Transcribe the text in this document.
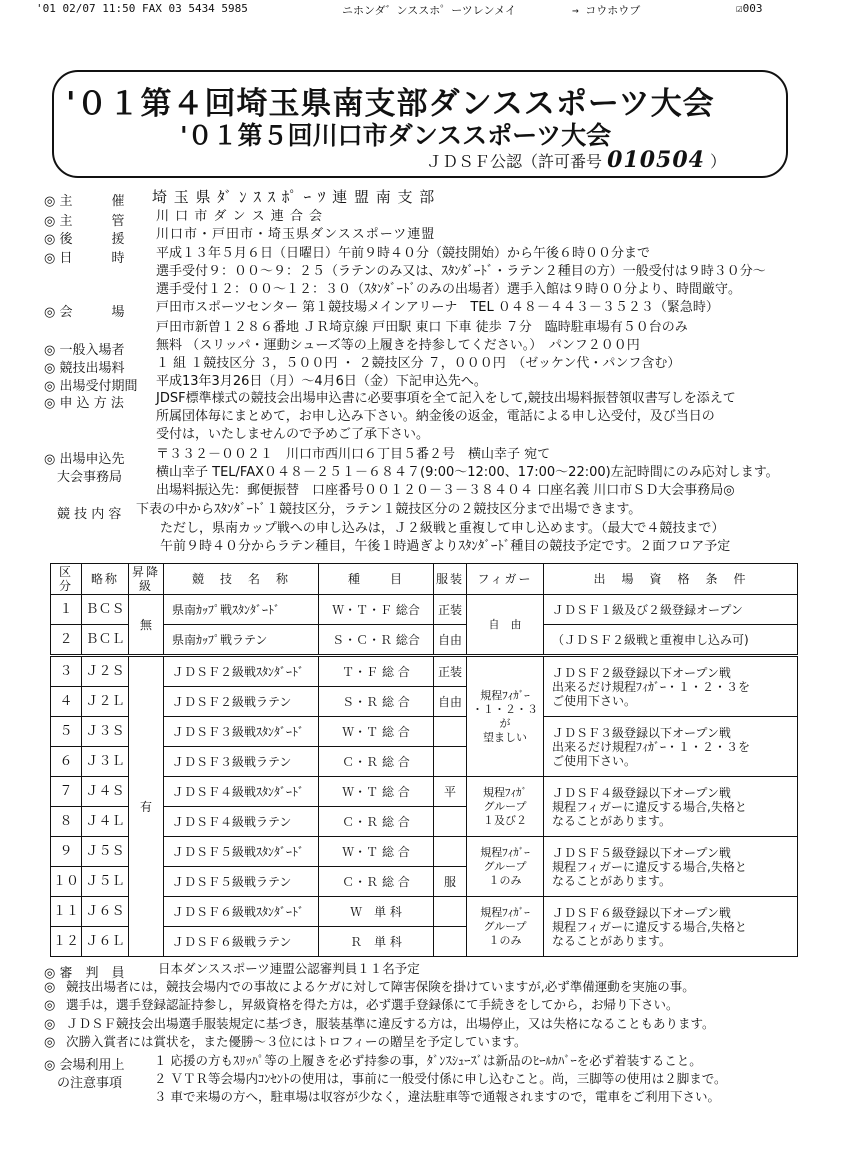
'01 02/07 11:50 FAX 03 5434 5985	ニホンダ゛ンススホ゜ーツレンメイ	→ コウホウブ	☑003
'０１第４回埼玉県南支部ダンススポーツ大会
'０１第５回川口市ダンススポーツ大会
ＪＤＳＦ公認（許可番号 010504 ）
◎ 主　　　催 埼 玉 県 ﾀﾞ ﾝ ｽ ｽ ﾎﾟ ｰ ﾂ 連 盟 南 支 部
◎ 主　　　管 川 口 市 ダ ン ス 連 合 会
◎ 後　　　援 川口市・戸田市・埼玉県ダンススポーツ連盟
◎ 日　　　時 平成１３年５月６日（日曜日）午前９時４０分（競技開始）から午後６時００分まで
選手受付９：００～９：２５（ラテンのみ又は、ｽﾀﾝﾀﾞｰﾄﾞ・ラテン２種目の方）一般受付は９時３０分～
選手受付１２：００～１２：３０（ｽﾀﾝﾀﾞｰﾄﾞのみの出場者）選手入館は９時００分より、時間厳守。
◎ 会　　　場 戸田市スポーツセンター 第１競技場メインアリーナ　TEL ０４８－４４３－３５２３（緊急時）
戸田市新曽１２８６番地 ＪＲ埼京線 戸田駅 東口 下車 徒歩 ７分　臨時駐車場有５０台のみ
◎ 一般入場者 無料 （スリッパ・運動シューズ等の上履きを持参してください。）　パンフ２００円
◎ 競技出場料 １ 組 １競技区分 ３，５００円 ・ ２競技区分 ７，０００円　（ゼッケン代・パンフ含む）
◎ 出場受付期間 平成13年3月26日（月）～4月6日（金）下記申込先へ。
◎ 申 込 方 法 JDSF標準様式の競技会出場申込書に必要事項を全て記入をして,競技出場料振替領収書写しを添えて
所属団体毎にまとめて，お申し込み下さい。納金後の返金，電話による申し込受付，及び当日の
受付は，いたしませんので予めご了承下さい。
◎ 出場申込先 〒３３２－００２１　川口市西川口６丁目５番２号　横山幸子 宛て
　大会事務局	横山幸子 TEL/FAX０４８－２５１－６８４７(9:00～12:00、17:00～22:00)左記時間にのみ応対します。
出場料振込先：郵便振替　口座番号００１２０－３－３８４０４ 口座名義 川口市ＳＤ大会事務局◎
　競 技 内 容 下表の中からｽﾀﾝﾀﾞｰﾄﾞ１競技区分，ラテン１競技区分の２競技区分まで出場できます。
ただし，県南カップ戦への申し込みは，Ｊ２級戦と重複して申し込めます。（最大で４競技まで）
午前９時４０分からラテン種目，午後１時過ぎよりｽﾀﾝﾀﾞｰﾄﾞ種目の競技予定です。２面フロア予定
区分	略称	昇降級	競　技　名　称	種　　目	服装	フィガー	出　場　資　格　条　件
１	ＢＣＳ	無	県南ｶｯﾌﾟ戦ｽﾀﾝﾀﾞｰﾄﾞ	Ｗ・Ｔ・Ｆ 総合	正装	自　由	ＪＤＳＦ１級及び２級登録オープン
２	ＢＣＬ		県南ｶｯﾌﾟ戦ラテン	Ｓ・Ｃ・Ｒ 総合	自由		（ＪＤＳＦ２級戦と重複申し込み可)
３	Ｊ２Ｓ	有	ＪＤＳＦ２級戦ｽﾀﾝﾀﾞｰﾄﾞ	Ｔ・Ｆ 総 合	正装	規程ﾌｨｶﾞｰ
・１・２・３が
望ましい	ＪＤＳＦ２級登録以下オープン戦
出来るだけ規程ﾌｨｶﾞｰ・１・２・３を
ご使用下さい。
４	Ｊ２Ｌ		ＪＤＳＦ２級戦ラテン	Ｓ・Ｒ 総 合	自由		
５	Ｊ３Ｓ		ＪＤＳＦ３級戦ｽﾀﾝﾀﾞｰﾄﾞ	Ｗ・Ｔ 総 合			ＪＤＳＦ３級登録以下オープン戦
出来るだけ規程ﾌｨｶﾞｰ・１・２・３を
ご使用下さい。
６	Ｊ３Ｌ		ＪＤＳＦ３級戦ラテン	Ｃ・Ｒ 総 合			
７	Ｊ４Ｓ		ＪＤＳＦ４級戦ｽﾀﾝﾀﾞｰﾄﾞ	Ｗ・Ｔ 総 合	平	規程ﾌｨｶﾞ
グループ
１及び２	ＪＤＳＦ４級登録以下オープン戦
規程フィガーに違反する場合,失格と
なることがあります。
８	Ｊ４Ｌ		ＪＤＳＦ４級戦ラテン	Ｃ・Ｒ 総 合			
９	Ｊ５Ｓ		ＪＤＳＦ５級戦ｽﾀﾝﾀﾞｰﾄﾞ	Ｗ・Ｔ 総 合		規程ﾌｨｶﾞｰ
グループ
１のみ	ＪＤＳＦ５級登録以下オープン戦
規程フィガーに違反する場合,失格と
なることがあります。
１０	Ｊ５Ｌ		ＪＤＳＦ５級戦ラテン	Ｃ・Ｒ 総 合	服		
１１	Ｊ６Ｓ		ＪＤＳＦ６級戦ｽﾀﾝﾀﾞｰﾄﾞ	Ｗ　単 科		規程ﾌｨｶﾞｰ
グループ
１のみ	ＪＤＳＦ６級登録以下オープン戦
規程フィガーに違反する場合,失格と
なることがあります。
１２	Ｊ６Ｌ		ＪＤＳＦ６級戦ラテン	Ｒ　単 科			
◎ 審　判　員	日本ダンススポーツ連盟公認審判員１１名予定
◎ 競技出場者には，競技会場内での事故によるケガに対して障害保険を掛けていますが,必ず準備運動を実施の事。
◎ 選手は，選手登録認証持参し，昇級資格を得た方は，必ず選手登録係にて手続きをしてから，お帰り下さい。
◎ ＪＤＳＦ競技会出場選手服装規定に基づき，服装基準に違反する方は，出場停止，又は失格になることもあります。
◎ 次勝入賞者には賞状を，また優勝～３位にはトロフィーの贈呈を予定しています。
◎ 会場利用上 １ 応援の方もｽﾘｯﾊﾟ等の上履きを必ず持参の事，ﾀﾞﾝｽｼｭｰｽﾞは新品のﾋｰﾙｶﾊﾞｰを必ず着装すること。
　の注意事項	２ ＶＴＲ等会場内ｺﾝｾﾝﾄの使用は，事前に一般受付係に申し込むこと。尚，三脚等の使用は２脚まで。
３ 車で来場の方へ，駐車場は収容が少なく，違法駐車等で通報されますので，電車をご利用下さい。
